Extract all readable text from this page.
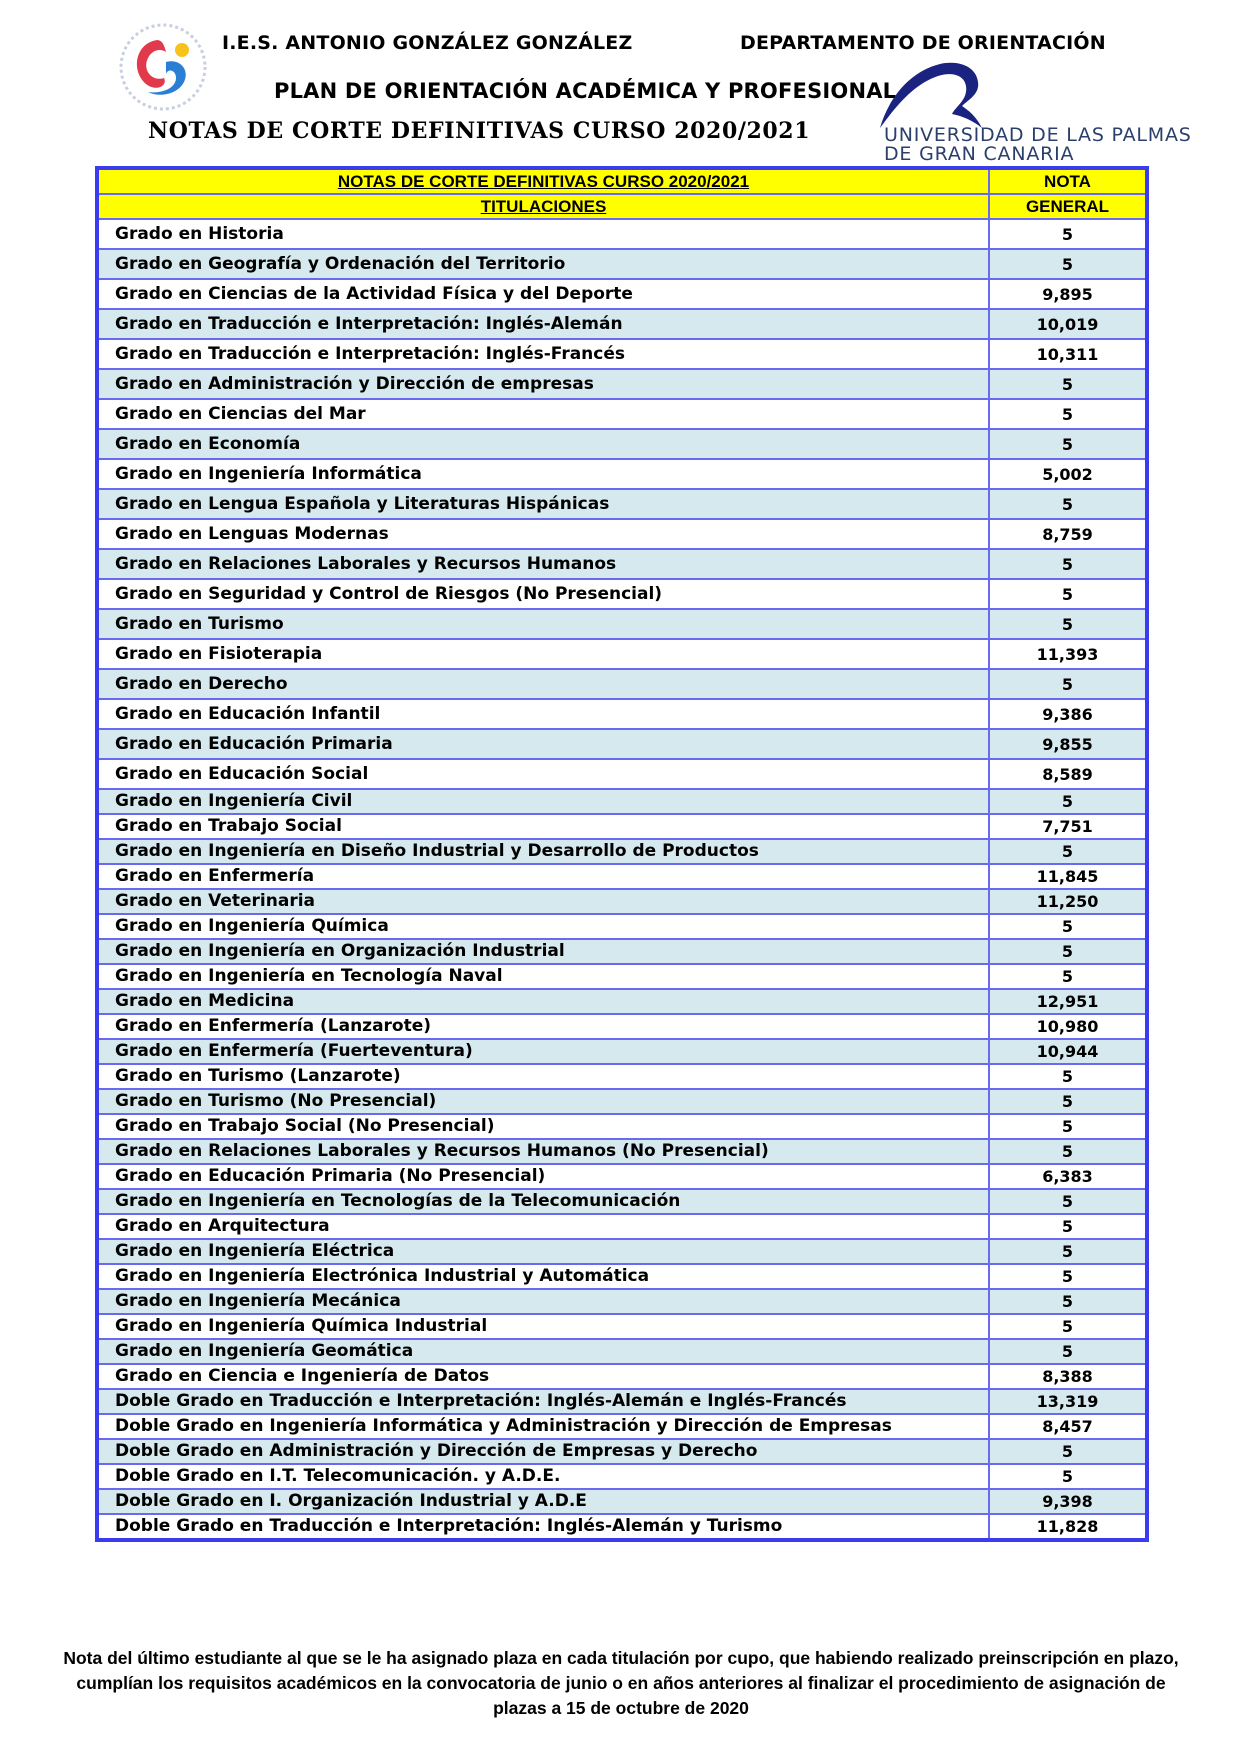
I.E.S. ANTONIO GONZÁLEZ GONZÁLEZ	DEPARTAMENTO DE ORIENTACIÓN
PLAN DE ORIENTACIÓN ACADÉMICA Y PROFESIONAL
NOTAS DE CORTE DEFINITIVAS CURSO 2020/2021	UNIVERSIDAD DE LAS PALMAS
DE GRAN CANARIA
NOTAS DE CORTE DEFINITIVAS CURSO 2020/2021	NOTA
TITULACIONES	GENERAL
Grado en Historia	5
Grado en Geografía y Ordenación del Territorio	5
Grado en Ciencias de la Actividad Física y del Deporte	9,895
Grado en Traducción e Interpretación: Inglés-Alemán	10,019
Grado en Traducción e Interpretación: Inglés-Francés	10,311
Grado en Administración y Dirección de empresas	5
Grado en Ciencias del Mar	5
Grado en Economía	5
Grado en Ingeniería Informática	5,002
Grado en Lengua Española y Literaturas Hispánicas	5
Grado en Lenguas Modernas	8,759
Grado en Relaciones Laborales y Recursos Humanos	5
Grado en Seguridad y Control de Riesgos (No Presencial)	5
Grado en Turismo	5
Grado en Fisioterapia	11,393
Grado en Derecho	5
Grado en Educación Infantil	9,386
Grado en Educación Primaria	9,855
Grado en Educación Social	8,589
Grado en Ingeniería Civil	5
Grado en Trabajo Social	7,751
Grado en Ingeniería en Diseño Industrial y Desarrollo de Productos	5
Grado en Enfermería	11,845
Grado en Veterinaria	11,250
Grado en Ingeniería Química	5
Grado en Ingeniería en Organización Industrial	5
Grado en Ingeniería en Tecnología Naval	5
Grado en Medicina	12,951
Grado en Enfermería (Lanzarote)	10,980
Grado en Enfermería (Fuerteventura)	10,944
Grado en Turismo (Lanzarote)	5
Grado en Turismo (No Presencial)	5
Grado en Trabajo Social (No Presencial)	5
Grado en Relaciones Laborales y Recursos Humanos (No Presencial)	5
Grado en Educación Primaria (No Presencial)	6,383
Grado en Ingeniería en Tecnologías de la Telecomunicación	5
Grado en Arquitectura	5
Grado en Ingeniería Eléctrica	5
Grado en Ingeniería Electrónica Industrial y Automática	5
Grado en Ingeniería Mecánica	5
Grado en Ingeniería Química Industrial	5
Grado en Ingeniería Geomática	5
Grado en Ciencia e Ingeniería de Datos	8,388
Doble Grado en Traducción e Interpretación: Inglés-Alemán e Inglés-Francés	13,319
Doble Grado en Ingeniería Informática y Administración y Dirección de Empresas	8,457
Doble Grado en Administración y Dirección de Empresas y Derecho	5
Doble Grado en I.T. Telecomunicación. y A.D.E.	5
Doble Grado en I. Organización Industrial y A.D.E	9,398
Doble Grado en Traducción e Interpretación: Inglés-Alemán y Turismo	11,828
Nota del último estudiante al que se le ha asignado plaza en cada titulación por cupo, que habiendo realizado preinscripción en plazo, cumplían los requisitos académicos en la convocatoria de junio o en años anteriores al finalizar el procedimiento de asignación de plazas a 15 de octubre de 2020
